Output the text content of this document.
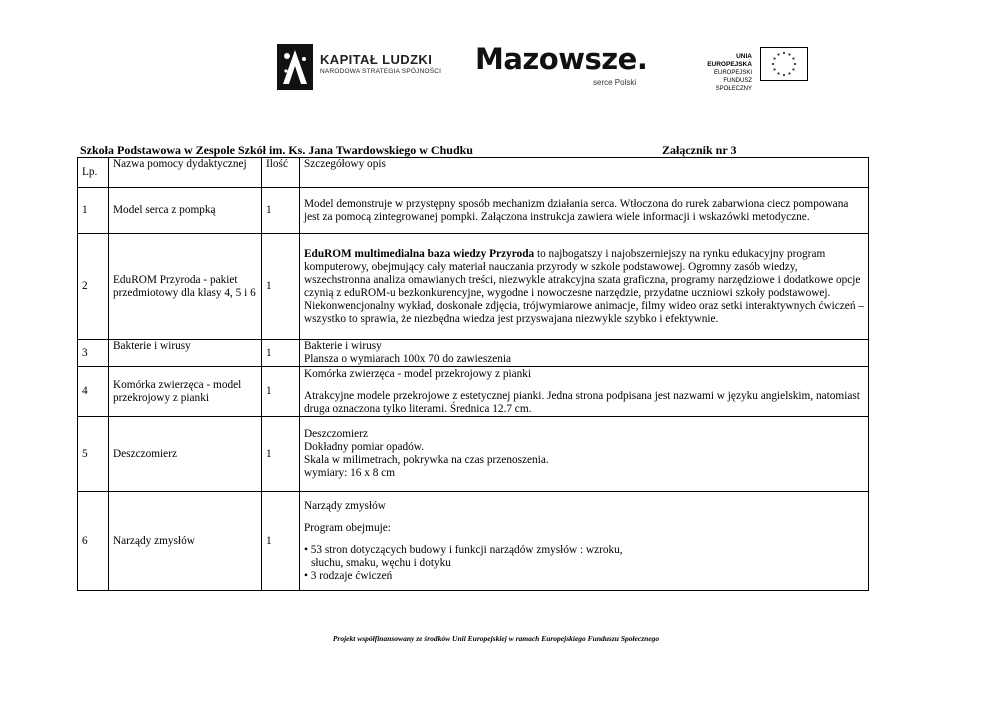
KAPITAŁ LUDZKI
NARODOWA STRATEGIA SPÓJNOŚCI Mazowsze.
serce Polski
UNIA EUROPEJSKA
EUROPEJSKI
FUNDUSZ SPOŁECZNY
Szkoła Podstawowa w Zespole Szkół im. Ks. Jana Twardowskiego w Chudku	Załącznik nr 3
Lp.	Nazwa pomocy dydaktycznej	Ilość	Szczegółowy opis
1	Model serca z pompką	1	Model demonstruje w przystępny sposób mechanizm działania serca. Wtłoczona do rurek zabarwiona ciecz pompowana jest za pomocą zintegrowanej pompki. Załączona instrukcja zawiera wiele informacji i wskazówki metodyczne.
2	EduROM Przyroda - pakiet przedmiotowy dla klasy 4, 5 i 6	1	EduROM multimedialna baza wiedzy Przyroda to najbogatszy i najobszerniejszy na rynku edukacyjny program komputerowy, obejmujący cały materiał nauczania przyrody w szkole podstawowej. Ogromny zasób wiedzy, wszechstronna analiza omawianych treści, niezwykle atrakcyjna szata graficzna, programy narzędziowe i dodatkowe opcje czynią z eduROM-u bezkonkurencyjne, wygodne i nowoczesne narzędzie, przydatne uczniowi szkoły podstawowej. Niekonwencjonalny wykład, doskonałe zdjęcia, trójwymiarowe animacje, filmy wideo oraz setki interaktywnych ćwiczeń – wszystko to sprawia, że niezbędna wiedza jest przyswajana niezwykle szybko i efektywnie.
3	Bakterie i wirusy	1	Bakterie i wirusy
Plansza o wymiarach 100x 70 do zawieszenia

4	Komórka zwierzęca - model przekrojowy z pianki	1	Komórka zwierzęca - model przekrojowy z pianki
Atrakcyjne modele przekrojowe z estetycznej pianki. Jedna strona podpisana jest nazwami w języku angielskim, natomiast druga oznaczona tylko literami. Średnica 12.7 cm.

5	Deszczomierz	1	Deszczomierz
Dokładny pomiar opadów.
Skala w milimetrach, pokrywka na czas przenoszenia.
wymiary: 16 x 8 cm

6	Narządy zmysłów	1	Narządy zmysłów
Program obejmuje:
• 53 stron dotyczących budowy i funkcji narządów zmysłów : wzroku,
słuchu, smaku, węchu i dotyku
• 3 rodzaje ćwiczeń
Projekt współfinansowany ze środków Unii Europejskiej w ramach Europejskiego Funduszu Społecznego
